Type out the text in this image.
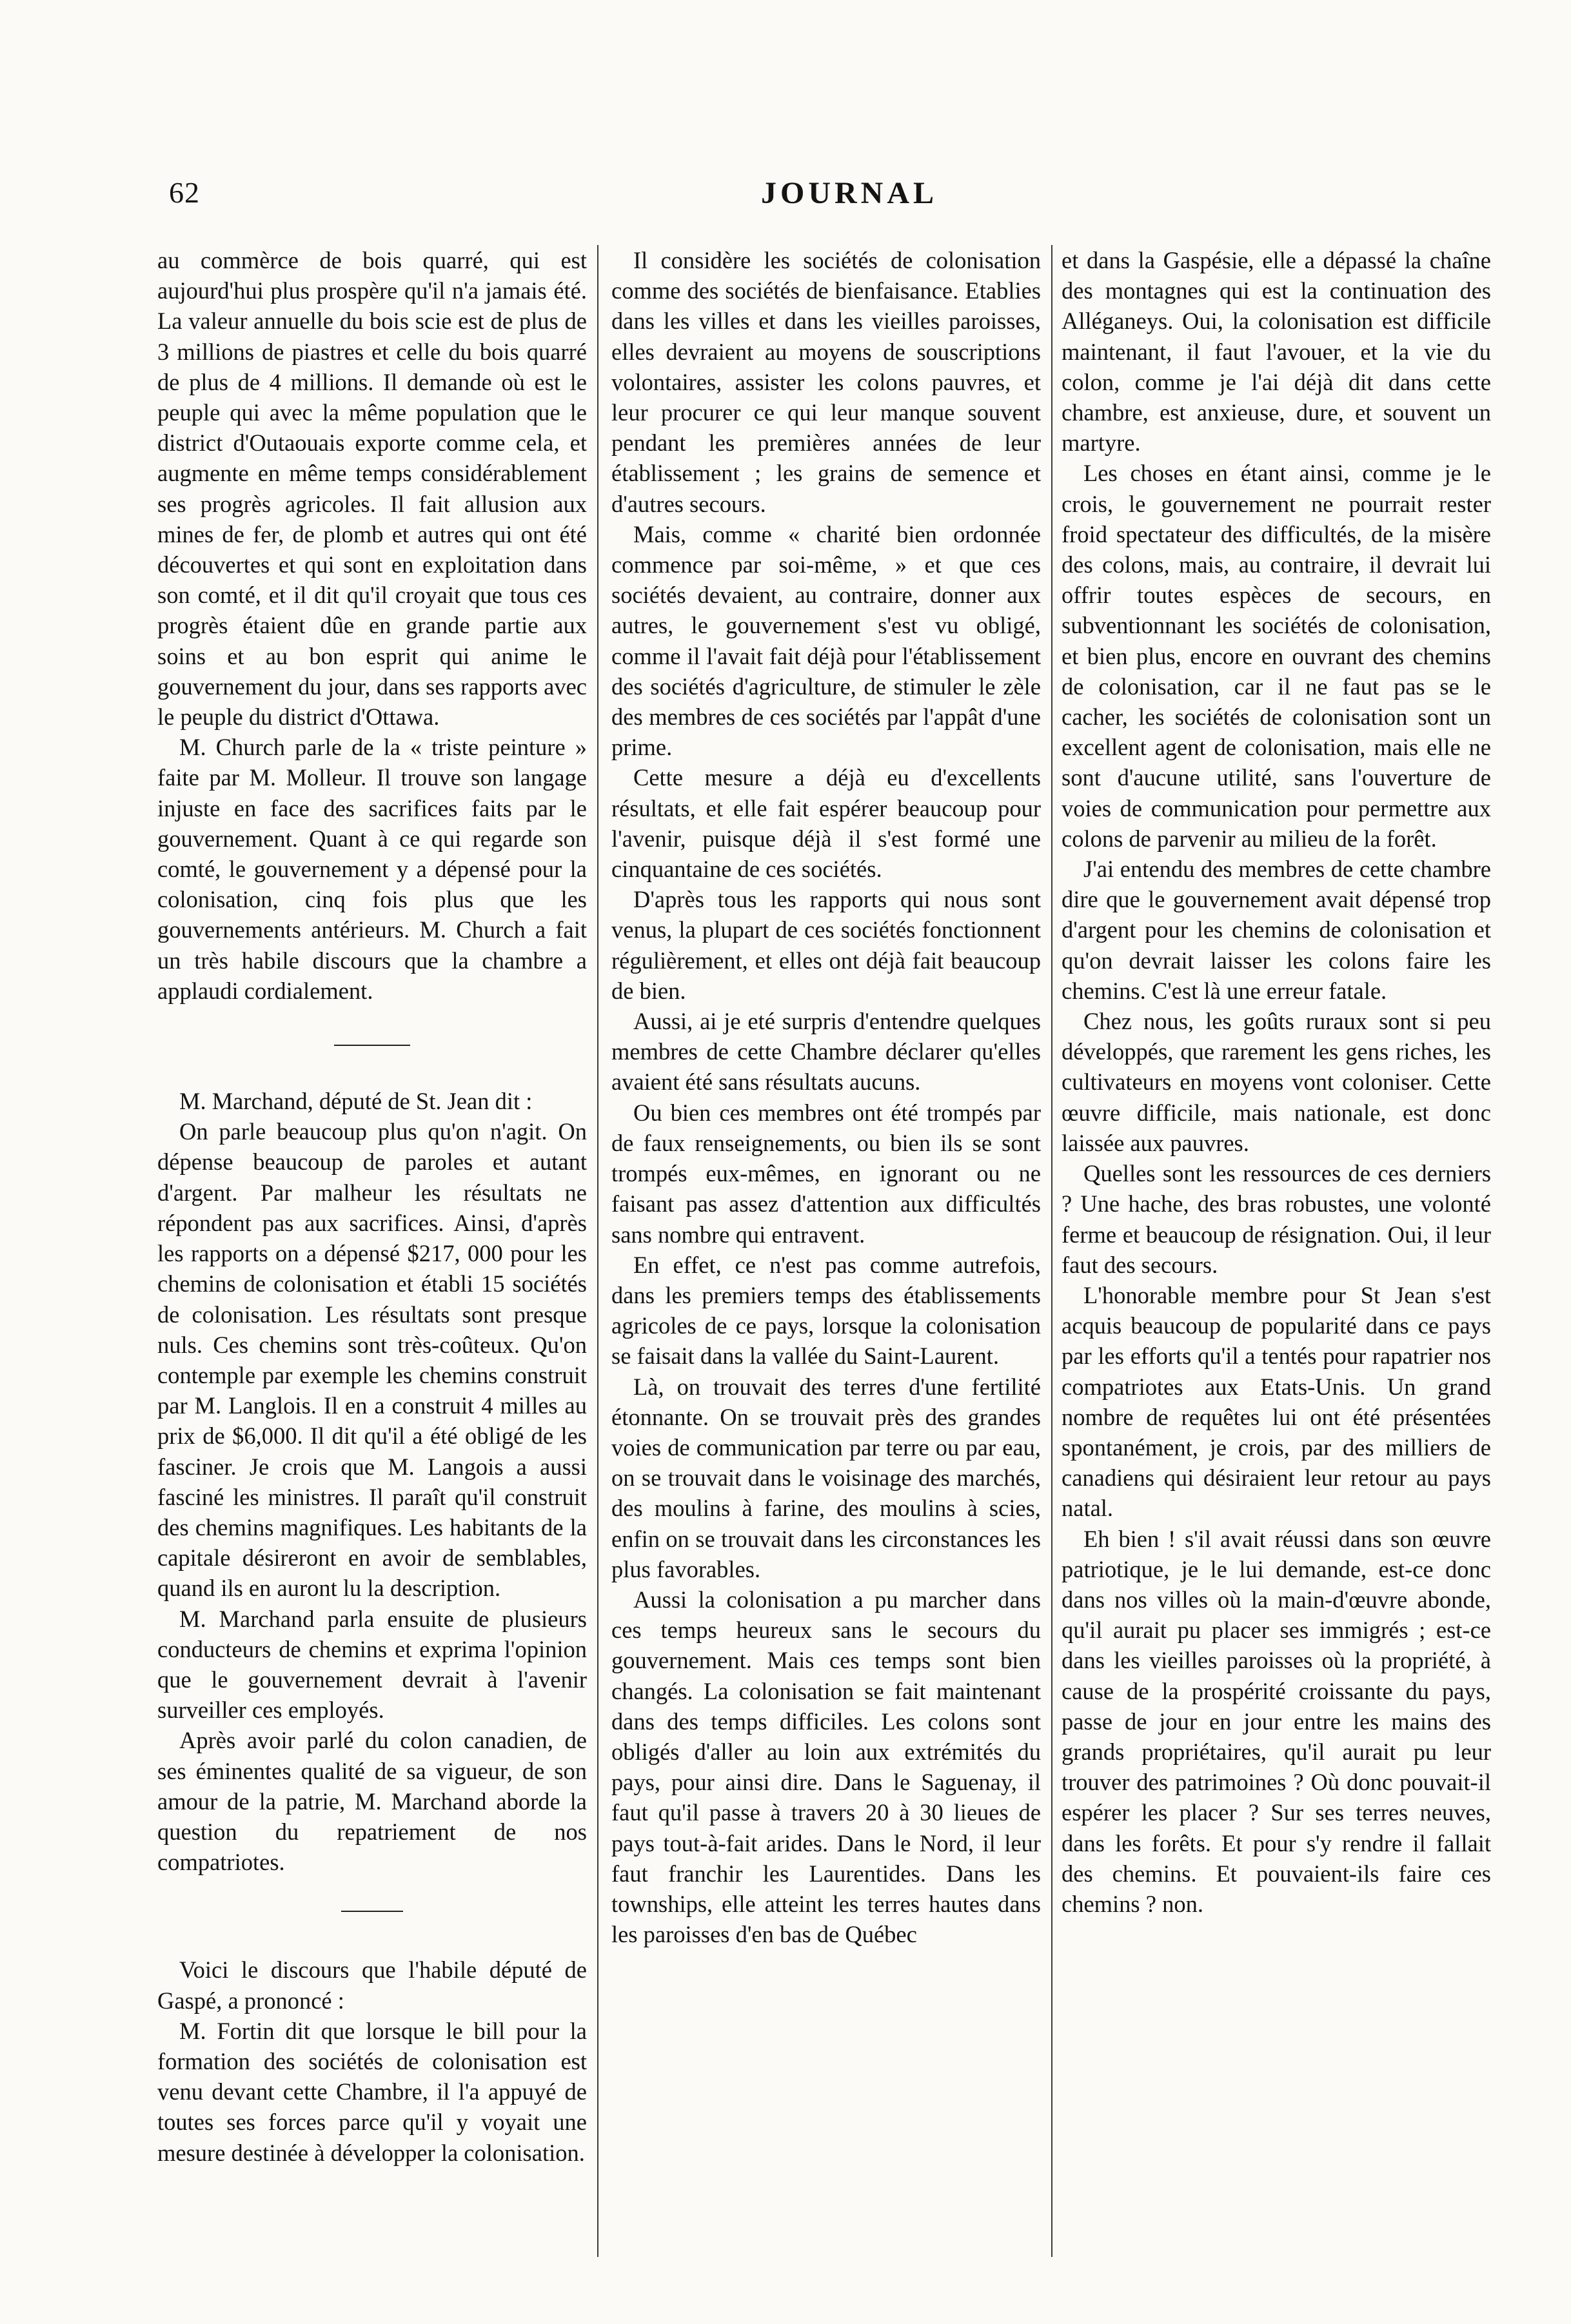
62	JOURNAL

au commèrce de bois quarré, qui est aujourd'hui plus prospère qu'il n'a jamais été. La valeur annuelle du bois scie est de plus de 3 millions de piastres et celle du bois quarré de plus de 4 millions. Il demande où est le peuple qui avec la même population que le district d'Outaouais exporte comme cela, et augmente en même temps considérablement ses progrès agricoles. Il fait allusion aux mines de fer, de plomb et autres qui ont été découvertes et qui sont en exploitation dans son comté, et il dit qu'il croyait que tous ces progrès étaient dûe en grande partie aux soins et au bon esprit qui anime le gouvernement du jour, dans ses rapports avec le peuple du district d'Ottawa.

M. Church parle de la « triste peinture » faite par M. Molleur. Il trouve son langage injuste en face des sacrifices faits par le gouvernement. Quant à ce qui regarde son comté, le gouvernement y a dépensé pour la colonisation, cinq fois plus que les gouvernements antérieurs. M. Church a fait un très habile discours que la chambre a applaudi cordialement.

M. Marchand, député de St. Jean dit :

On parle beaucoup plus qu'on n'agit. On dépense beaucoup de paroles et autant d'argent. Par malheur les résultats ne répondent pas aux sacrifices. Ainsi, d'après les rapports on a dépensé $217, 000 pour les chemins de colonisation et établi 15 sociétés de colonisation. Les résultats sont presque nuls. Ces chemins sont très-coûteux. Qu'on contemple par exemple les chemins construit par M. Langlois. Il en a construit 4 milles au prix de $6,000. Il dit qu'il a été obligé de les fasciner. Je crois que M. Langois a aussi fasciné les ministres. Il paraît qu'il construit des chemins magnifiques. Les habitants de la capitale désireront en avoir de semblables, quand ils en auront lu la description.

M. Marchand parla ensuite de plusieurs conducteurs de chemins et exprima l'opinion que le gouvernement devrait à l'avenir surveiller ces employés.

Après avoir parlé du colon canadien, de ses éminentes qualité de sa vigueur, de son amour de la patrie, M. Marchand aborde la question du repatriement de nos compatriotes.

Voici le discours que l'habile député de Gaspé, a prononcé :

M. Fortin dit que lorsque le bill pour la formation des sociétés de colonisation est venu devant cette Chambre, il l'a appuyé de toutes ses forces parce qu'il y voyait une mesure destinée à développer la colonisation.

Il considère les sociétés de colonisation comme des sociétés de bienfaisance. Etablies dans les villes et dans les vieilles paroisses, elles devraient au moyens de souscriptions volontaires, assister les colons pauvres, et leur procurer ce qui leur manque souvent pendant les premières années de leur établissement ; les grains de semence et d'autres secours.

Mais, comme « charité bien ordonnée commence par soi-même, » et que ces sociétés devaient, au contraire, donner aux autres, le gouvernement s'est vu obligé, comme il l'avait fait déjà pour l'établissement des sociétés d'agriculture, de stimuler le zèle des membres de ces sociétés par l'appât d'une prime.

Cette mesure a déjà eu d'excellents résultats, et elle fait espérer beaucoup pour l'avenir, puisque déjà il s'est formé une cinquantaine de ces sociétés.

D'après tous les rapports qui nous sont venus, la plupart de ces sociétés fonctionnent régulièrement, et elles ont déjà fait beaucoup de bien.

Aussi, ai je eté surpris d'entendre quelques membres de cette Chambre déclarer qu'elles avaient été sans résultats aucuns.

Ou bien ces membres ont été trompés par de faux renseignements, ou bien ils se sont trompés eux-mêmes, en ignorant ou ne faisant pas assez d'attention aux difficultés sans nombre qui entravent.

En effet, ce n'est pas comme autrefois, dans les premiers temps des établissements agricoles de ce pays, lorsque la colonisation se faisait dans la vallée du Saint-Laurent.

Là, on trouvait des terres d'une fertilité étonnante. On se trouvait près des grandes voies de communication par terre ou par eau, on se trouvait dans le voisinage des marchés, des moulins à farine, des moulins à scies, enfin on se trouvait dans les circonstances les plus favorables.

Aussi la colonisation a pu marcher dans ces temps heureux sans le secours du gouvernement. Mais ces temps sont bien changés. La colonisation se fait maintenant dans des temps difficiles. Les colons sont obligés d'aller au loin aux extrémités du pays, pour ainsi dire. Dans le Saguenay, il faut qu'il passe à travers 20 à 30 lieues de pays tout-à-fait arides. Dans le Nord, il leur faut franchir les Laurentides. Dans les townships, elle atteint les terres hautes dans les paroisses d'en bas de Québec

et dans la Gaspésie, elle a dépassé la chaîne des montagnes qui est la continuation des Alléganeys. Oui, la colonisation est difficile maintenant, il faut l'avouer, et la vie du colon, comme je l'ai déjà dit dans cette chambre, est anxieuse, dure, et souvent un martyre.

Les choses en étant ainsi, comme je le crois, le gouvernement ne pourrait rester froid spectateur des difficultés, de la misère des colons, mais, au contraire, il devrait lui offrir toutes espèces de secours, en subventionnant les sociétés de colonisation, et bien plus, encore en ouvrant des chemins de colonisation, car il ne faut pas se le cacher, les sociétés de colonisation sont un excellent agent de colonisation, mais elle ne sont d'aucune utilité, sans l'ouverture de voies de communication pour permettre aux colons de parvenir au milieu de la forêt.

J'ai entendu des membres de cette chambre dire que le gouvernement avait dépensé trop d'argent pour les chemins de colonisation et qu'on devrait laisser les colons faire les chemins. C'est là une erreur fatale.

Chez nous, les goûts ruraux sont si peu développés, que rarement les gens riches, les cultivateurs en moyens vont coloniser. Cette œuvre difficile, mais nationale, est donc laissée aux pauvres.

Quelles sont les ressources de ces derniers ? Une hache, des bras robustes, une volonté ferme et beaucoup de résignation. Oui, il leur faut des secours.

L'honorable membre pour St Jean s'est acquis beaucoup de popularité dans ce pays par les efforts qu'il a tentés pour rapatrier nos compatriotes aux Etats-Unis. Un grand nombre de requêtes lui ont été présentées spontanément, je crois, par des milliers de canadiens qui désiraient leur retour au pays natal.

Eh bien ! s'il avait réussi dans son œuvre patriotique, je le lui demande, est-ce donc dans nos villes où la main-d'œuvre abonde, qu'il aurait pu placer ses immigrés ; est-ce dans les vieilles paroisses où la propriété, à cause de la prospérité croissante du pays, passe de jour en jour entre les mains des grands propriétaires, qu'il aurait pu leur trouver des patrimoines ? Où donc pouvait-il espérer les placer ? Sur ses terres neuves, dans les forêts. Et pour s'y rendre il fallait des chemins. Et pouvaient-ils faire ces chemins ? non.
